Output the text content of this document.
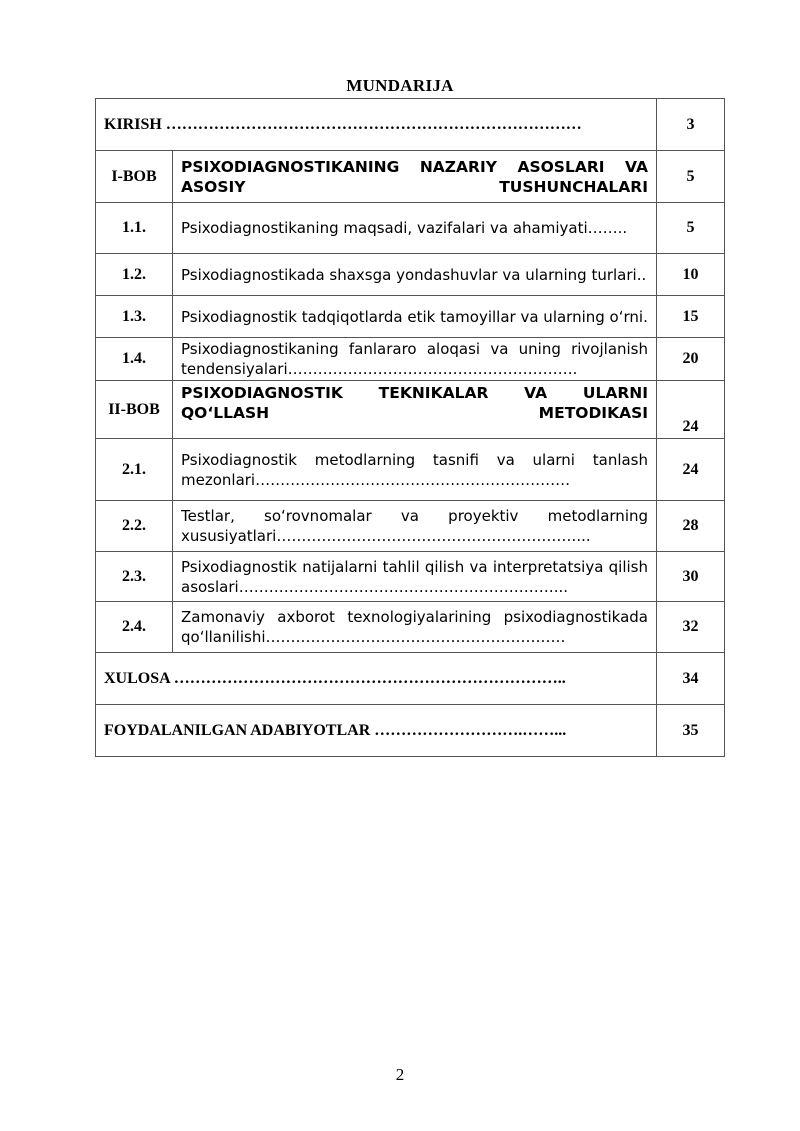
MUNDARIJA
KIRISH ……………………………………………………………………		3
I-BOB	PSIXODIAGNOSTIKANING NAZARIY ASOSLARI VA
ASOSIY TUSHUNCHALARI	5
1.1.	Psixodiagnostikaning maqsadi, vazifalari va ahamiyati……..	5
1.2.	Psixodiagnostikada shaxsga yondashuvlar va ularning turlari..	10
1.3.	Psixodiagnostik tadqiqotlarda etik tamoyillar va ularning oʻrni.	15
1.4.	Psixodiagnostikaning fanlararo aloqasi va uning rivojlanish
tendensiyalari………………………………………………….	20
II-BOB	PSIXODIAGNOSTIK TEKNIKALAR VA ULARNI
QOʻLLASH METODIKASI	24
2.1.	Psixodiagnostik metodlarning tasnifi va ularni tanlash
mezonlari………………………………………………………	24
2.2.	Testlar, soʻrovnomalar va proyektiv metodlarning
xususiyatlari……………………………………………………...	28
2.3.	Psixodiagnostik natijalarni tahlil qilish va interpretatsiya qilish
asoslari………………………………………………………...	30
2.4.	Zamonaviy axborot texnologiyalarining psixodiagnostikada
qoʻllanilishi……………………………………………………	32
XULOSA ………………………………………………………………..		34
FOYDALANILGAN ADABIYOTLAR ……………………….……...		35
2
